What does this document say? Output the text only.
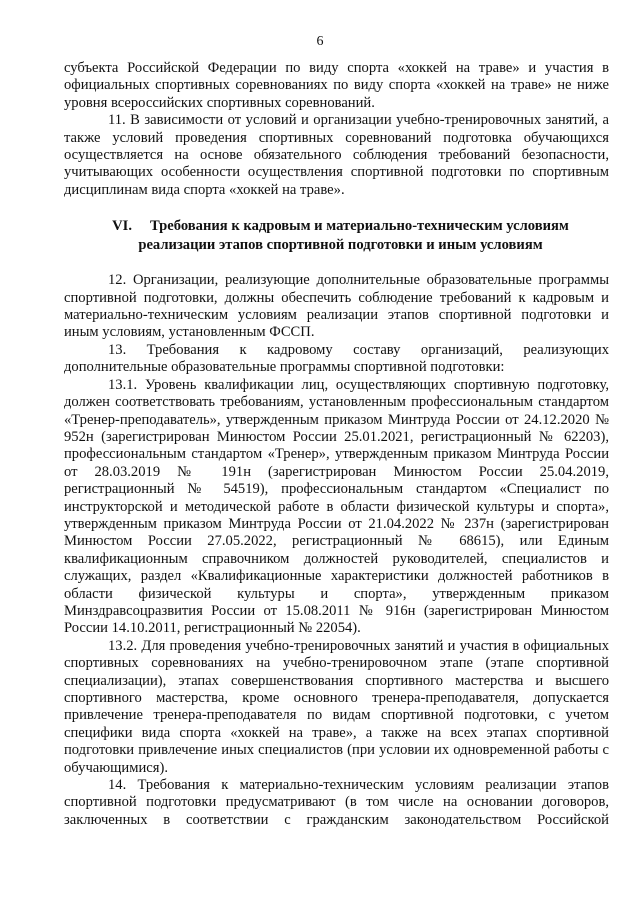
6

субъекта Российской Федерации по виду спорта «хоккей на траве» и участия в официальных спортивных соревнованиях по виду спорта «хоккей на траве» не ниже уровня всероссийских спортивных соревнований.

11. В зависимости от условий и организации учебно-тренировочных занятий, а также условий проведения спортивных соревнований подготовка обучающихся осуществляется на основе обязательного соблюдения требований безопасности, учитывающих особенности осуществления спортивной подготовки по спортивным дисциплинам вида спорта «хоккей на траве».

VI. Требования к кадровым и материально-техническим условиям
реализации этапов спортивной подготовки и иным условиям

12. Организации, реализующие дополнительные образовательные программы спортивной подготовки, должны обеспечить соблюдение требований к кадровым и материально-техническим условиям реализации этапов спортивной подготовки и иным условиям, установленным ФССП.

13. Требования к кадровому составу организаций, реализующих дополнительные образовательные программы спортивной подготовки:

13.1. Уровень квалификации лиц, осуществляющих спортивную подготовку, должен соответствовать требованиям, установленным профессиональным стандартом «Тренер-преподаватель», утвержденным приказом Минтруда России от 24.12.2020 № 952н (зарегистрирован Минюстом России 25.01.2021, регистрационный № 62203), профессиональным стандартом «Тренер», утвержденным приказом Минтруда России от 28.03.2019 № 191н (зарегистрирован Минюстом России 25.04.2019, регистрационный № 54519), профессиональным стандартом «Специалист по инструкторской и методической работе в области физической культуры и спорта», утвержденным приказом Минтруда России от 21.04.2022 № 237н (зарегистрирован Минюстом России 27.05.2022, регистрационный № 68615), или Единым квалификационным справочником должностей руководителей, специалистов и служащих, раздел «Квалификационные характеристики должностей работников в области физической культуры и спорта», утвержденным приказом Минздравсоцразвития России от 15.08.2011 № 916н (зарегистрирован Минюстом России 14.10.2011, регистрационный № 22054).

13.2. Для проведения учебно-тренировочных занятий и участия в официальных спортивных соревнованиях на учебно-тренировочном этапе (этапе спортивной специализации), этапах совершенствования спортивного мастерства и высшего спортивного мастерства, кроме основного тренера-преподавателя, допускается привлечение тренера-преподавателя по видам спортивной подготовки, с учетом специфики вида спорта «хоккей на траве», а также на всех этапах спортивной подготовки привлечение иных специалистов (при условии их одновременной работы с обучающимися).

14. Требования к материально-техническим условиям реализации этапов спортивной подготовки предусматривают (в том числе на основании договоров, заключенных в соответствии с гражданским законодательством Российской
